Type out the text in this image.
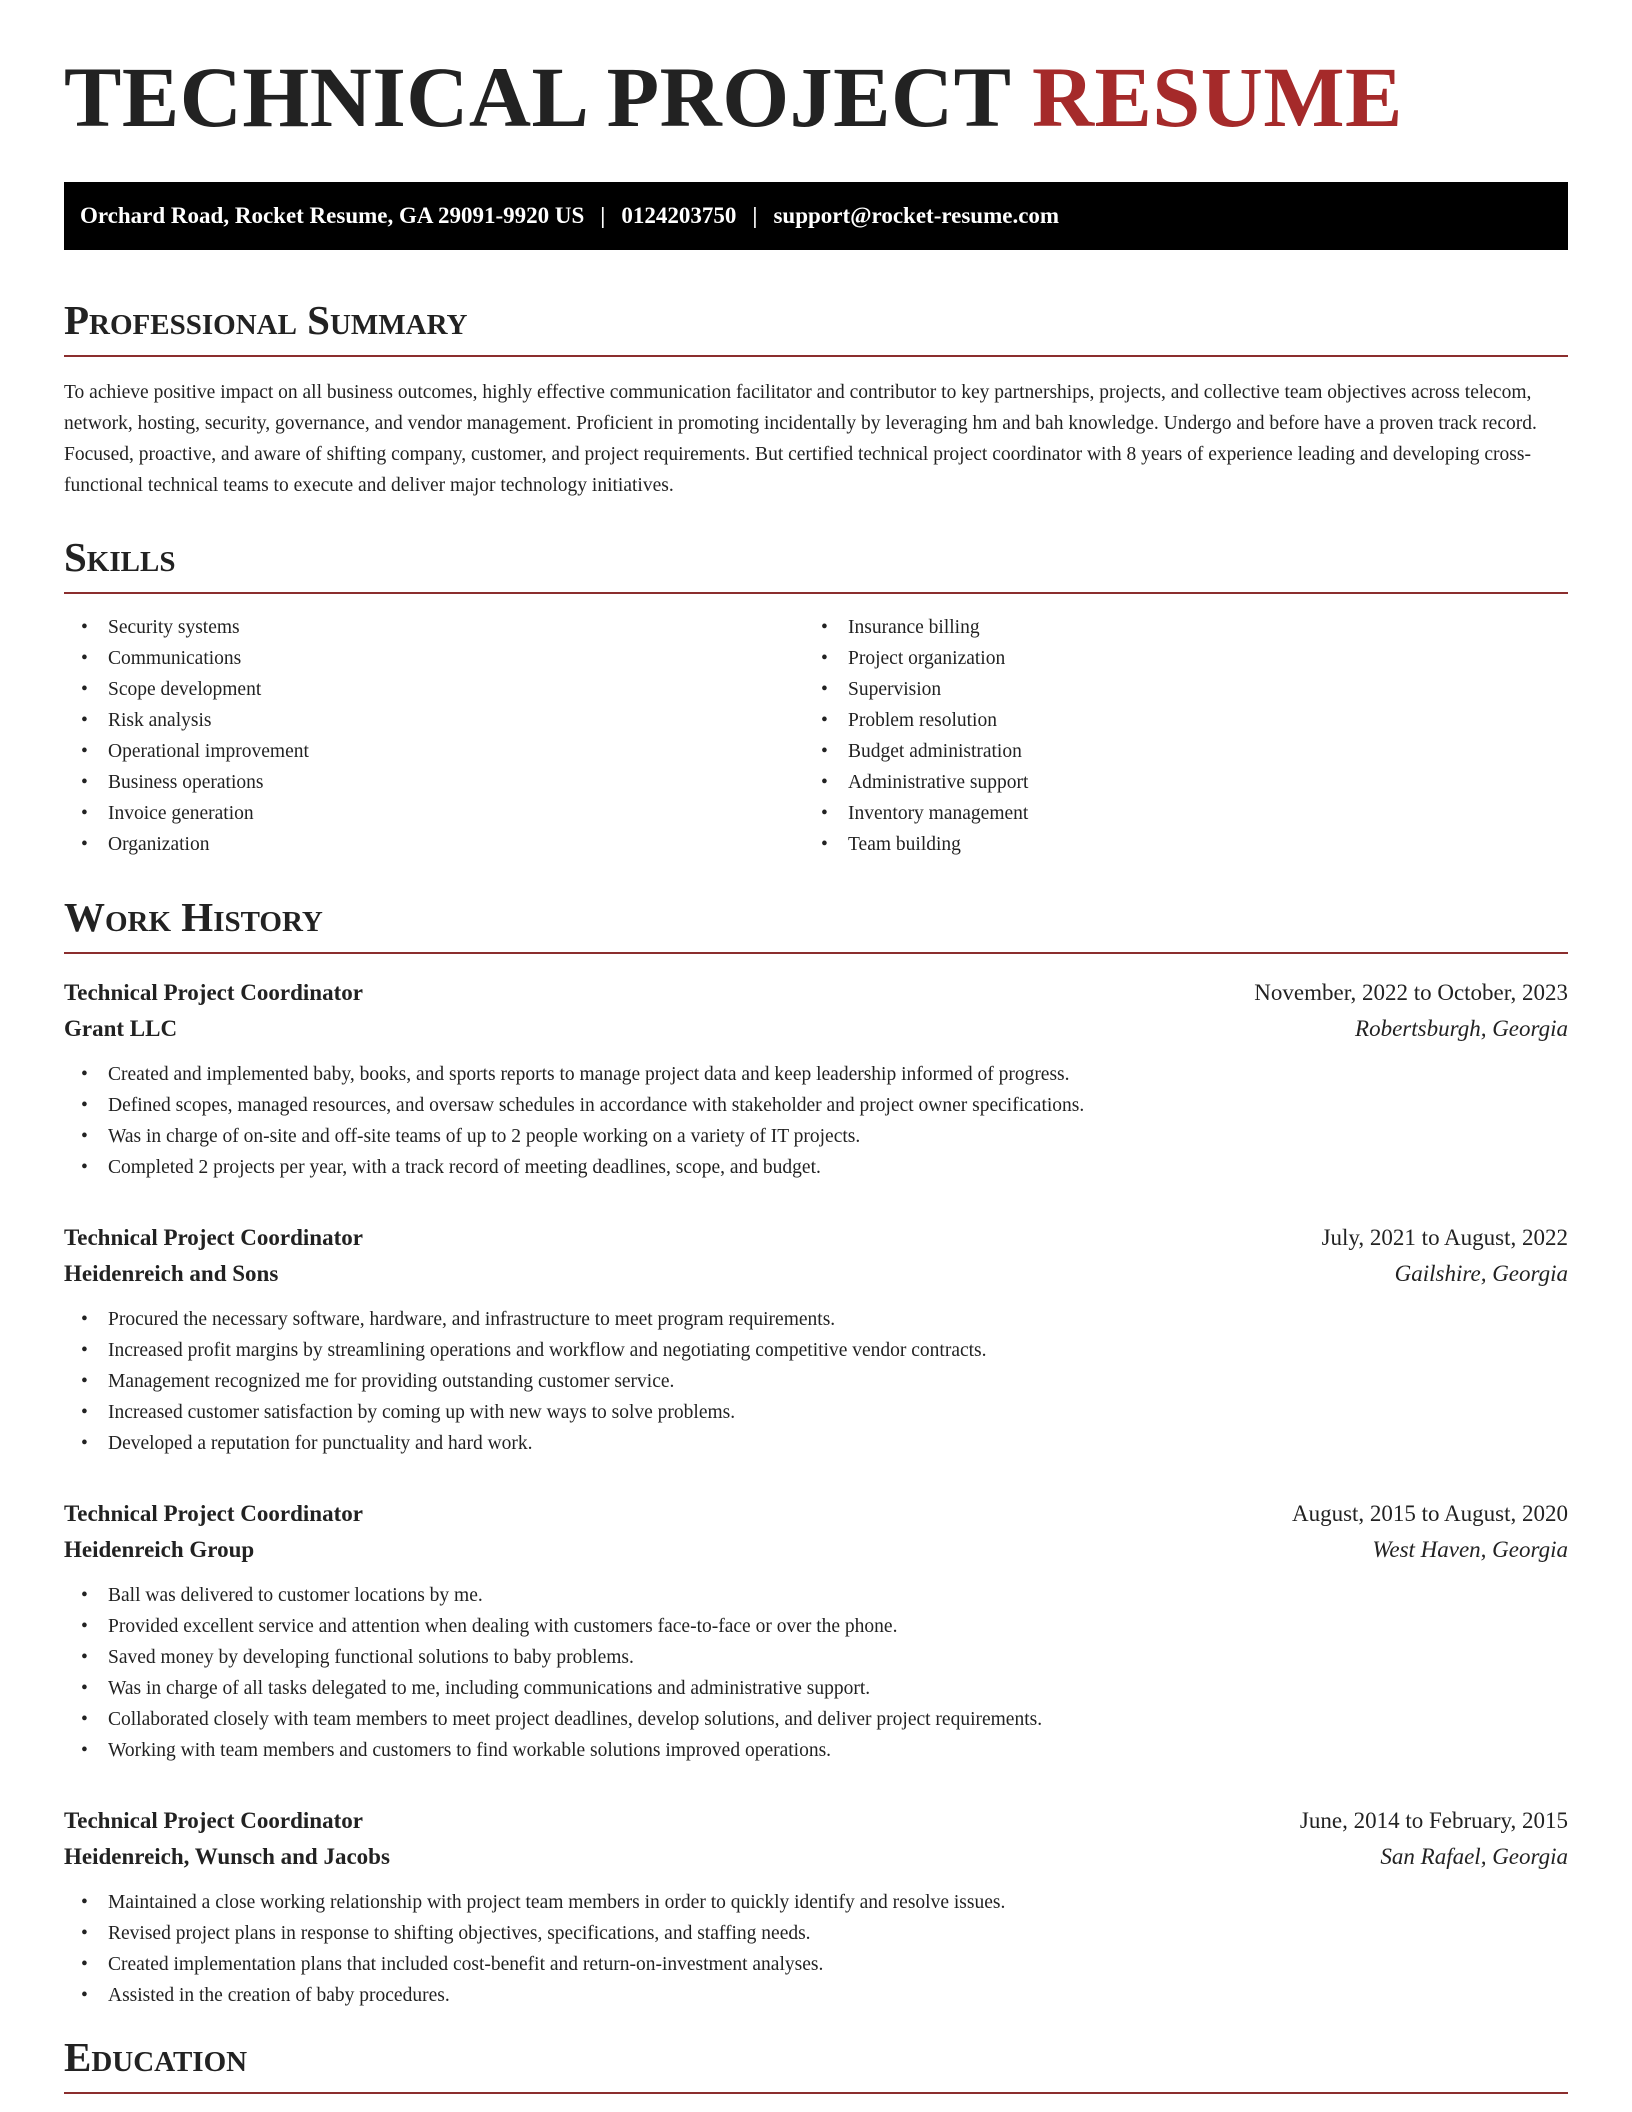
TECHNICAL PROJECT RESUME
Orchard Road, Rocket Resume, GA 29091-9920 US | 0124203750 | support@rocket-resume.com
Professional Summary

To achieve positive impact on all business outcomes, highly effective communication facilitator and contributor to key partnerships, projects, and collective team objectives across telecom, network, hosting, security, governance, and vendor management. Proficient in promoting incidentally by leveraging hm and bah knowledge. Undergo and before have a proven track record. Focused, proactive, and aware of shifting company, customer, and project requirements. But certified technical project coordinator with 8 years of experience leading and developing cross-functional technical teams to execute and deliver major technology initiatives.

Skills
• Security systems
• Communications
• Scope development
• Risk analysis
• Operational improvement
• Business operations
• Invoice generation
• Organization
• Insurance billing
• Project organization
• Supervision
• Problem resolution
• Budget administration
• Administrative support
• Inventory management
• Team building
Work History
Technical Project Coordinator	November, 2022 to October, 2023
Grant LLC	Robertsburgh, Georgia
• Created and implemented baby, books, and sports reports to manage project data and keep leadership informed of progress.
• Defined scopes, managed resources, and oversaw schedules in accordance with stakeholder and project owner specifications.
• Was in charge of on-site and off-site teams of up to 2 people working on a variety of IT projects.
• Completed 2 projects per year, with a track record of meeting deadlines, scope, and budget.
Technical Project Coordinator	July, 2021 to August, 2022
Heidenreich and Sons	Gailshire, Georgia
• Procured the necessary software, hardware, and infrastructure to meet program requirements.
• Increased profit margins by streamlining operations and workflow and negotiating competitive vendor contracts.
• Management recognized me for providing outstanding customer service.
• Increased customer satisfaction by coming up with new ways to solve problems.
• Developed a reputation for punctuality and hard work.
Technical Project Coordinator	August, 2015 to August, 2020
Heidenreich Group	West Haven, Georgia
• Ball was delivered to customer locations by me.
• Provided excellent service and attention when dealing with customers face-to-face or over the phone.
• Saved money by developing functional solutions to baby problems.
• Was in charge of all tasks delegated to me, including communications and administrative support.
• Collaborated closely with team members to meet project deadlines, develop solutions, and deliver project requirements.
• Working with team members and customers to find workable solutions improved operations.
Technical Project Coordinator	June, 2014 to February, 2015
Heidenreich, Wunsch and Jacobs	San Rafael, Georgia
• Maintained a close working relationship with project team members in order to quickly identify and resolve issues.
• Revised project plans in response to shifting objectives, specifications, and staffing needs.
• Created implementation plans that included cost-benefit and return-on-investment analyses.
• Assisted in the creation of baby procedures.
Education
